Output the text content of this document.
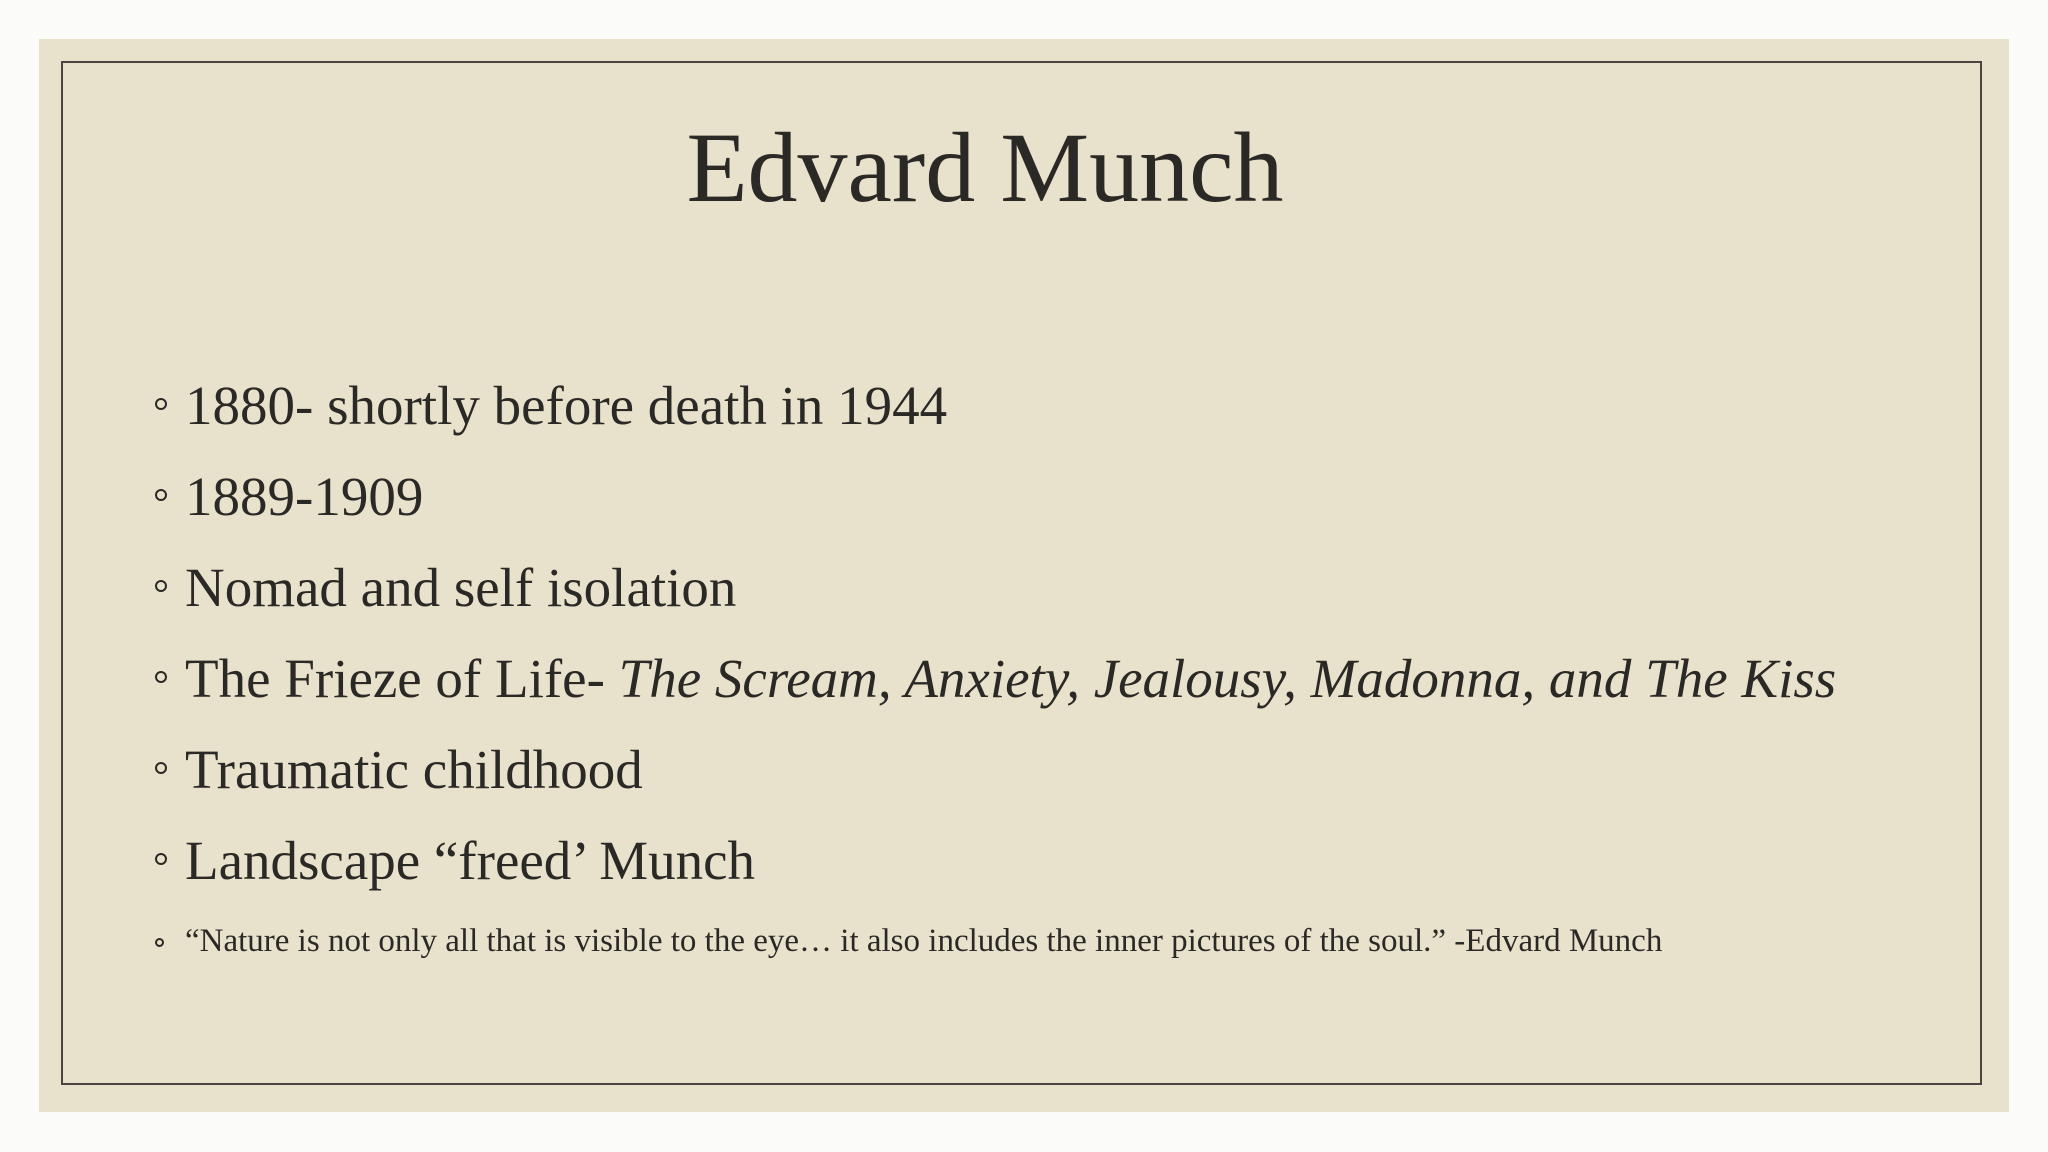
Edvard Munch
1880- shortly before death in 1944
1889-1909
Nomad and self isolation
The Frieze of Life- The Scream, Anxiety, Jealousy, Madonna, and The Kiss
Traumatic childhood
Landscape “freed’ Munch
“Nature is not only all that is visible to the eye… it also includes the inner pictures of the soul.” -Edvard Munch
